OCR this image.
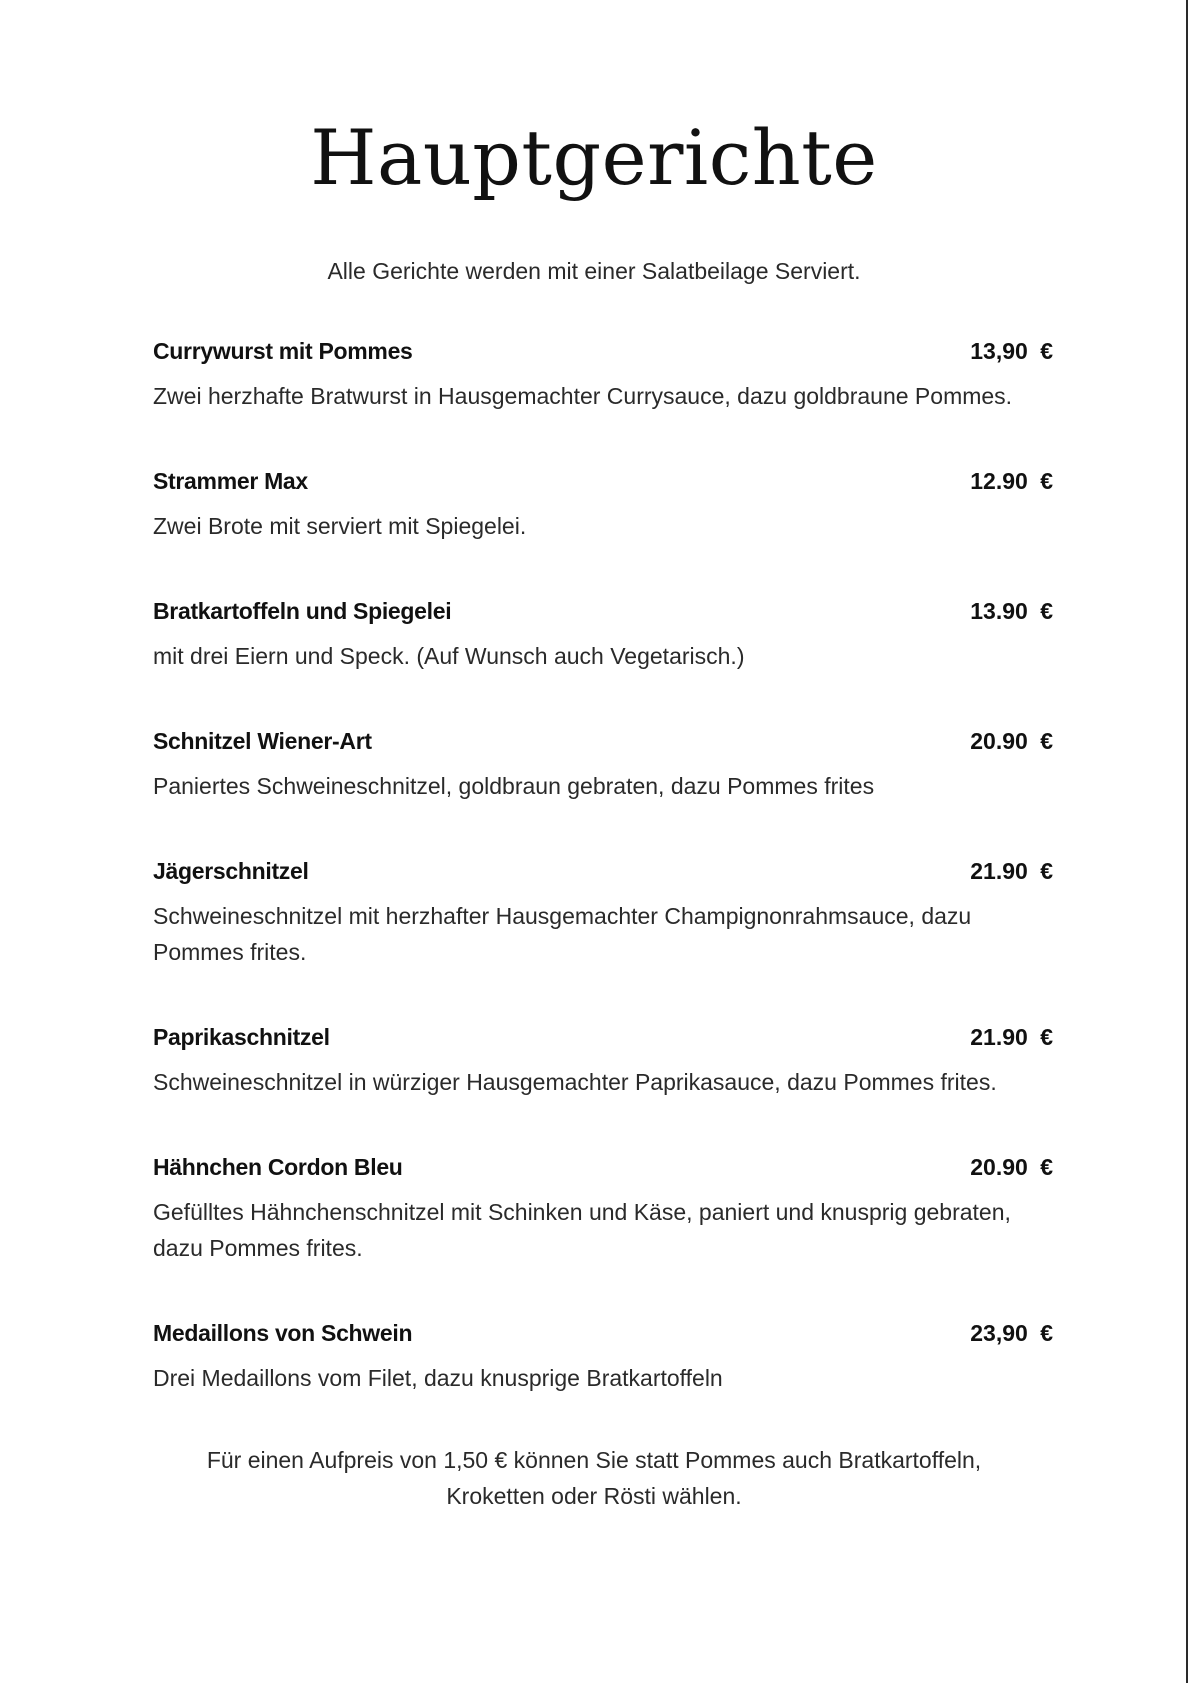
Hauptgerichte

Alle Gerichte werden mit einer Salatbeilage Serviert.

Currywurst mit Pommes	13,90 €
Zwei herzhafte Bratwurst in Hausgemachter Currysauce, dazu goldbraune Pommes.
Strammer Max	12.90 €
Zwei Brote mit serviert mit Spiegelei.
Bratkartoffeln und Spiegelei	13.90 €
mit drei Eiern und Speck. (Auf Wunsch auch Vegetarisch.)
Schnitzel Wiener-Art	20.90 €
Paniertes Schweineschnitzel, goldbraun gebraten, dazu Pommes frites
Jägerschnitzel	21.90 €
Schweineschnitzel mit herzhafter Hausgemachter Champignonrahmsauce, dazu Pommes frites.
Paprikaschnitzel	21.90 €
Schweineschnitzel in würziger Hausgemachter Paprikasauce, dazu Pommes frites.
Hähnchen Cordon Bleu	20.90 €
Gefülltes Hähnchenschnitzel mit Schinken und Käse, paniert und knusprig gebraten, dazu Pommes frites.
Medaillons von Schwein	23,90 €
Drei Medaillons vom Filet, dazu knusprige Bratkartoffeln
Für einen Aufpreis von 1,50 € können Sie statt Pommes auch Bratkartoffeln,
Kroketten oder Rösti wählen.
